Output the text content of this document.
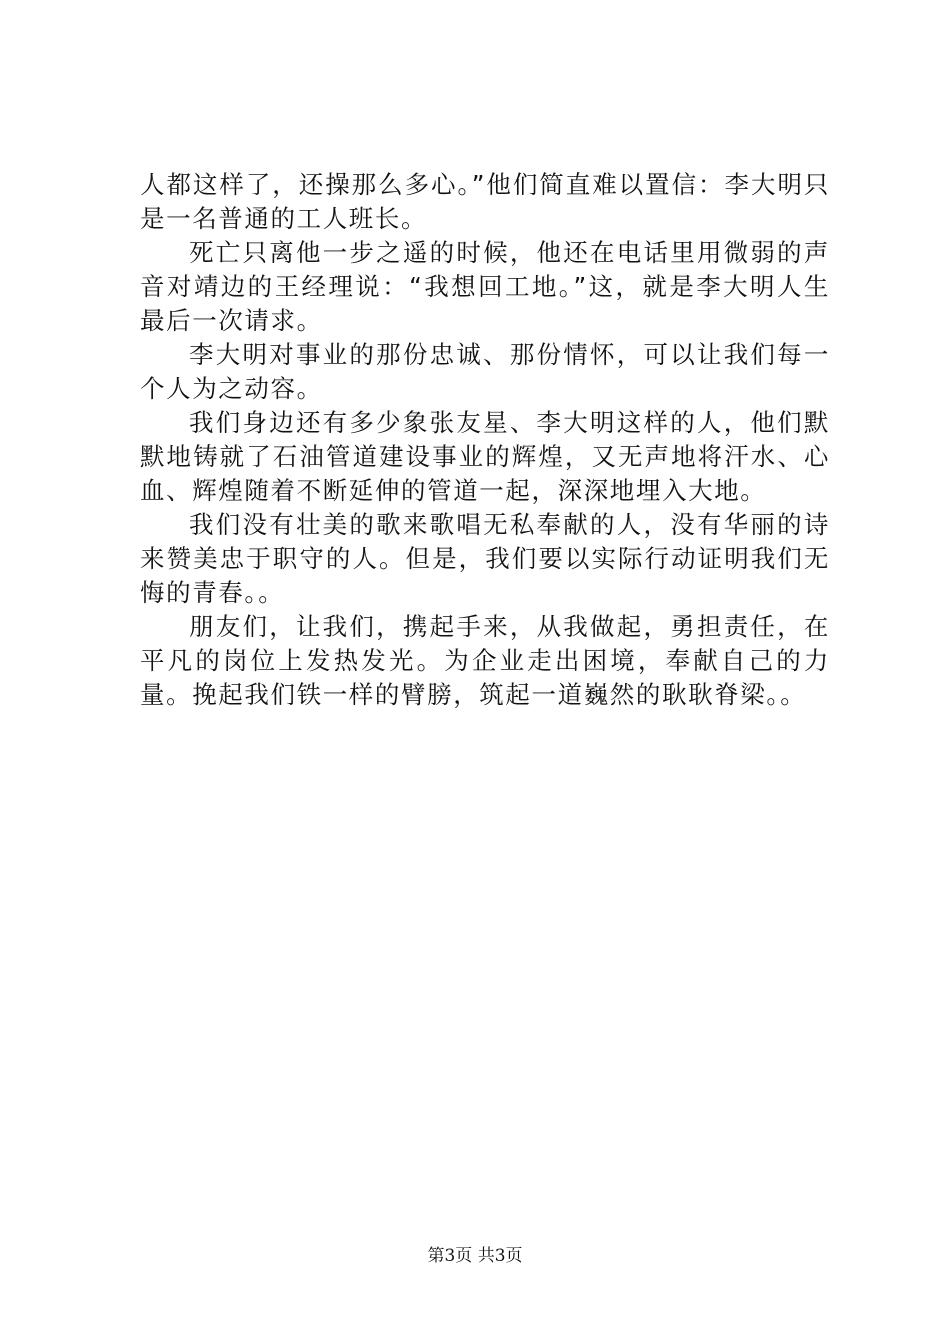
人都这样了，还操那么多心。”他们简直难以置信：李大明只是一名普通的工人班长。

死亡只离他一步之遥的时候，他还在电话里用微弱的声音对靖边的王经理说：“我想回工地。”这，就是李大明人生最后一次请求。

李大明对事业的那份忠诚、那份情怀，可以让我们每一个人为之动容。

我们身边还有多少象张友星、李大明这样的人，他们默默地铸就了石油管道建设事业的辉煌，又无声地将汗水、心血、辉煌随着不断延伸的管道一起，深深地埋入大地。

我们没有壮美的歌来歌唱无私奉献的人，没有华丽的诗来赞美忠于职守的人。但是，我们要以实际行动证明我们无悔的青春。。

朋友们，让我们，携起手来，从我做起，勇担责任，在平凡的岗位上发热发光。为企业走出困境，奉献自己的力量。挽起我们铁一样的臂膀，筑起一道巍然的耿耿脊梁。。

第3页 共3页
